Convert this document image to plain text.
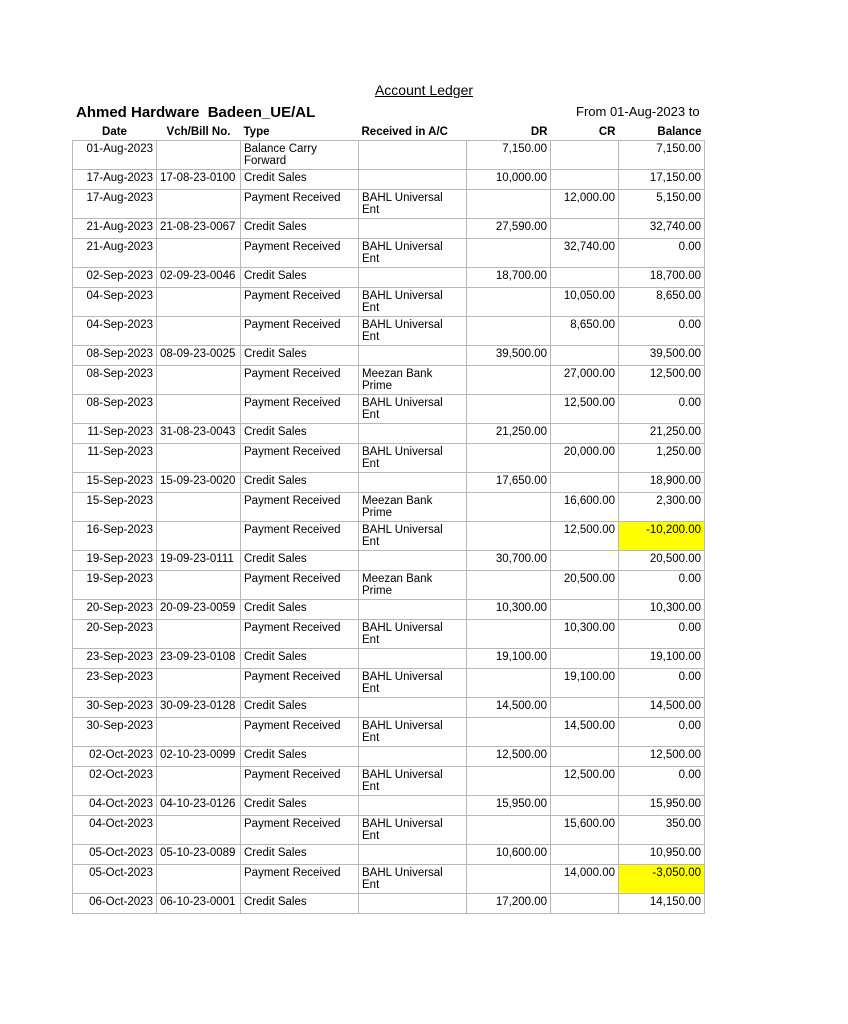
Account Ledger
Ahmed Hardware  Badeen_UE/AL	From 01-Aug-2023 to
Date	Vch/Bill No.	Type	Received in A/C	DR	CR	Balance
01-Aug-2023		Balance Carry Forward		7,150.00		7,150.00
17-Aug-2023	17-08-23-0100	Credit Sales		10,000.00		17,150.00
17-Aug-2023		Payment Received	BAHL Universal Ent		12,000.00	5,150.00
21-Aug-2023	21-08-23-0067	Credit Sales		27,590.00		32,740.00
21-Aug-2023		Payment Received	BAHL Universal Ent		32,740.00	0.00
02-Sep-2023	02-09-23-0046	Credit Sales		18,700.00		18,700.00
04-Sep-2023		Payment Received	BAHL Universal Ent		10,050.00	8,650.00
04-Sep-2023		Payment Received	BAHL Universal Ent		8,650.00	0.00
08-Sep-2023	08-09-23-0025	Credit Sales		39,500.00		39,500.00
08-Sep-2023		Payment Received	Meezan Bank Prime		27,000.00	12,500.00
08-Sep-2023		Payment Received	BAHL Universal Ent		12,500.00	0.00
11-Sep-2023	31-08-23-0043	Credit Sales		21,250.00		21,250.00
11-Sep-2023		Payment Received	BAHL Universal Ent		20,000.00	1,250.00
15-Sep-2023	15-09-23-0020	Credit Sales		17,650.00		18,900.00
15-Sep-2023		Payment Received	Meezan Bank Prime		16,600.00	2,300.00
16-Sep-2023		Payment Received	BAHL Universal Ent		12,500.00	-10,200.00
19-Sep-2023	19-09-23-0111	Credit Sales		30,700.00		20,500.00
19-Sep-2023		Payment Received	Meezan Bank Prime		20,500.00	0.00
20-Sep-2023	20-09-23-0059	Credit Sales		10,300.00		10,300.00
20-Sep-2023		Payment Received	BAHL Universal Ent		10,300.00	0.00
23-Sep-2023	23-09-23-0108	Credit Sales		19,100.00		19,100.00
23-Sep-2023		Payment Received	BAHL Universal Ent		19,100.00	0.00
30-Sep-2023	30-09-23-0128	Credit Sales		14,500.00		14,500.00
30-Sep-2023		Payment Received	BAHL Universal Ent		14,500.00	0.00
02-Oct-2023	02-10-23-0099	Credit Sales		12,500.00		12,500.00
02-Oct-2023		Payment Received	BAHL Universal Ent		12,500.00	0.00
04-Oct-2023	04-10-23-0126	Credit Sales		15,950.00		15,950.00
04-Oct-2023		Payment Received	BAHL Universal Ent		15,600.00	350.00
05-Oct-2023	05-10-23-0089	Credit Sales		10,600.00		10,950.00
05-Oct-2023		Payment Received	BAHL Universal Ent		14,000.00	-3,050.00
06-Oct-2023	06-10-23-0001	Credit Sales		17,200.00		14,150.00
